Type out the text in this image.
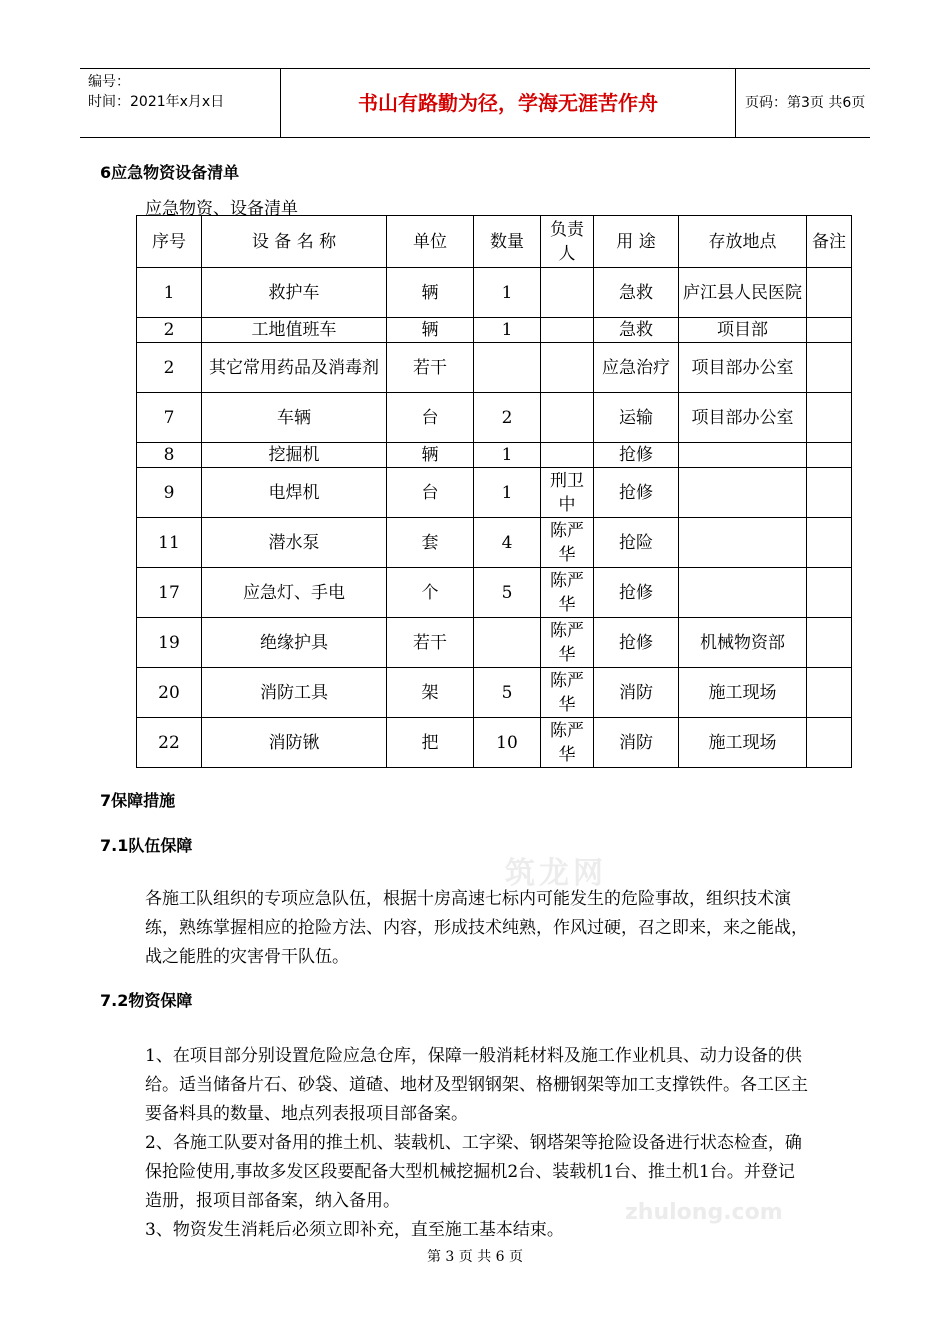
编号：
时间：2021年x月x日	书山有路勤为径，学海无涯苦作舟	页码：第3页 共6页
6应急物资设备清单
应急物资、设备清单
序号	设 备 名 称	单位	数量	负责人	用 途	存放地点	备注
1	救护车	辆	1		急救	庐江县人民医院	
2	工地值班车	辆	1		急救	项目部	
2	其它常用药品及消毒剂	若干			应急治疗	项目部办公室	
7	车辆	台	2		运输	项目部办公室	
8	挖掘机	辆	1		抢修		
9	电焊机	台	1	刑卫中	抢修		
11	潜水泵	套	4	陈严华	抢险		
17	应急灯、手电	个	5	陈严华	抢修		
19	绝缘护具	若干		陈严华	抢修	机械物资部	
20	消防工具	架	5	陈严华	消防	施工现场	
22	消防锹	把	10	陈严华	消防	施工现场	
7保障措施
7.1队伍保障
筑龙网

各施工队组织的专项应急队伍，根据十房高速七标内可能发生的危险事故，组织技术演练，熟练掌握相应的抢险方法、内容，形成技术纯熟，作风过硬，召之即来，来之能战，战之能胜的灾害骨干队伍。

7.2物资保障

1、在项目部分别设置危险应急仓库，保障一般消耗材料及施工作业机具、动力设备的供给。适当储备片石、砂袋、道碴、地材及型钢钢架、格栅钢架等加工支撑铁件。各工区主要备料具的数量、地点列表报项目部备案。

2、各施工队要对备用的推土机、装载机、工字梁、钢塔架等抢险设备进行状态检查，确保抢险使用,事故多发区段要配备大型机械挖掘机2台、装载机1台、推土机1台。并登记造册，报项目部备案，纳入备用。

3、物资发生消耗后必须立即补充，直至施工基本结束。

zhulong.com
第 3 页 共 6 页
